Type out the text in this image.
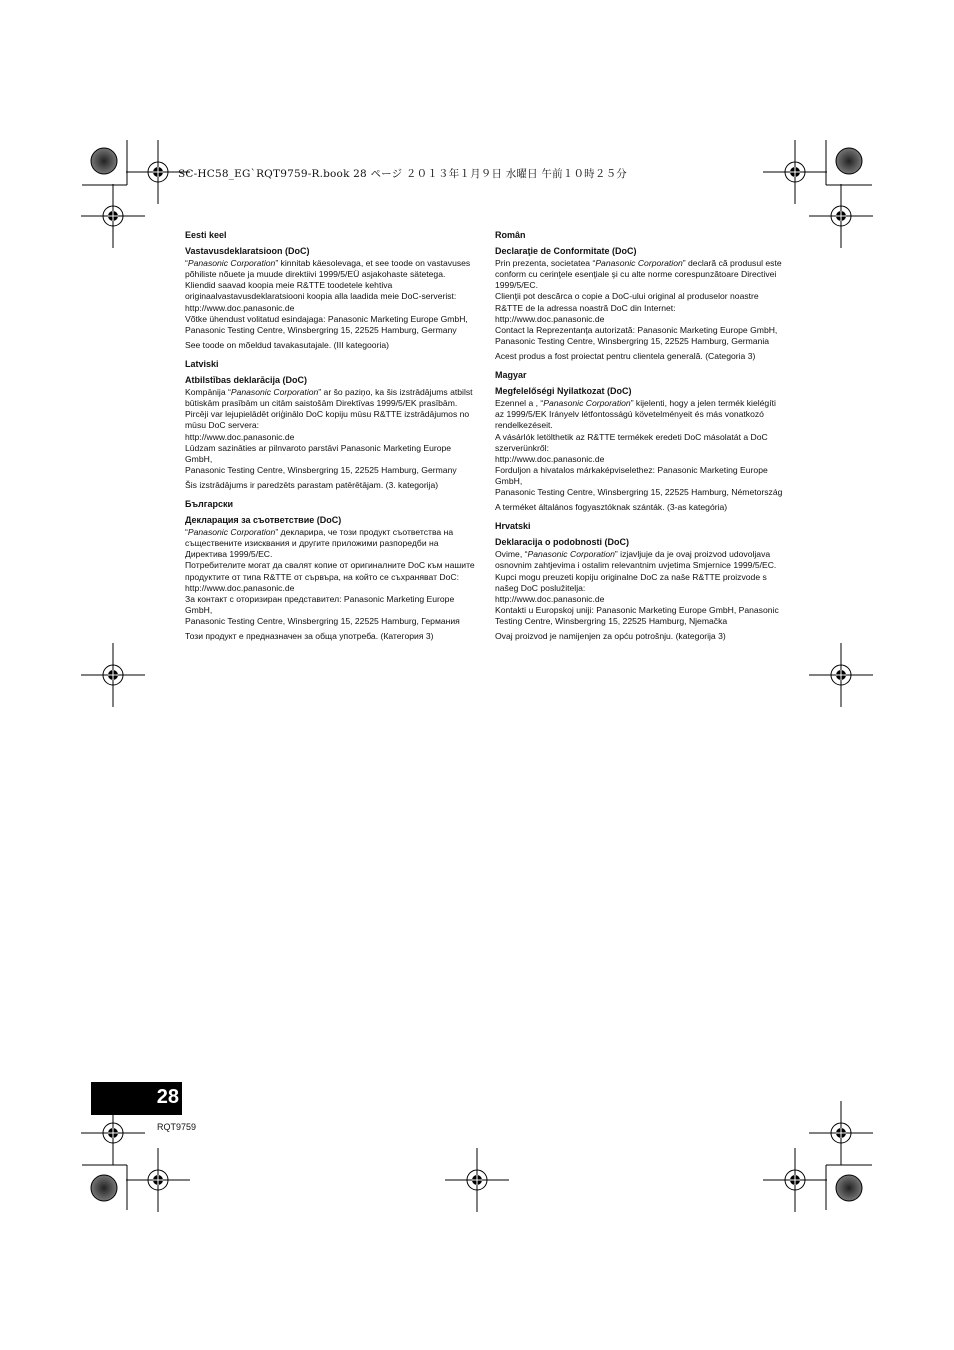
SC-HC58_EG`RQT9759-R.book 28 ページ ２０１３年１月９日 水曜日 午前１０時２５分
Eesti keel
Vastavusdeklaratsioon (DoC)

“Panasonic Corporation” kinnitab käesolevaga, et see toode on vastavuses põhiliste nõuete ja muude direktiivi 1999/5/EÜ asjakohaste sätetega.

Kliendid saavad koopia meie R&TTE toodetele kehtiva originaalvastavusdeklaratsiooni koopia alla laadida meie DoC-serverist:

http://www.doc.panasonic.de

Võtke ühendust volitatud esindajaga: Panasonic Marketing Europe GmbH,

Panasonic Testing Centre, Winsbergring 15, 22525 Hamburg, Germany

See toode on mõeldud tavakasutajale. (III kategooria)

Latviski
Atbilstības deklarācija (DoC)

Kompānija “Panasonic Corporation” ar šo paziņo, ka šis izstrādājums atbilst būtiskām prasībām un citām saistošām Direktīvas 1999/5/EK prasībām.

Pircēji var lejupielādēt oriģinālo DoC kopiju mūsu R&TTE izstrādājumos no mūsu DoC servera:

http://www.doc.panasonic.de

Lūdzam sazināties ar pilnvaroto parstāvi Panasonic Marketing Europe GmbH,

Panasonic Testing Centre, Winsbergring 15, 22525 Hamburg, Germany

Šis izstrādājums ir paredzēts parastam patērētājam. (3. kategorija)

Български
Декларация за съответствие (DoC)

“Panasonic Corporation” декларира, че този продукт съответства на съществените изисквания и другите приложими разпоредби на Директива 1999/5/EC.

Потребителите могат да свалят копие от оригиналните DoC към нашите продуктите от типа R&TTE от сървъра, на който се съхраняват DoC:

http://www.doc.panasonic.de

За контакт с оторизиран представител: Panasonic Marketing Europe GmbH,

Panasonic Testing Centre, Winsbergring 15, 22525 Hamburg, Германия

Този продукт е предназначен за обща употреба. (Категория 3)

Român
Declaraţie de Conformitate (DoC)

Prin prezenta, societatea “Panasonic Corporation” declară că produsul este conform cu cerinţele esenţiale şi cu alte norme corespunzătoare Directivei 1999/5/EC.

Clienţii pot descărca o copie a DoC-ului original al produselor noastre R&TTE de la adressa noastră DoC din Internet:

http://www.doc.panasonic.de

Contact la Reprezentanţa autorizată: Panasonic Marketing Europe GmbH,

Panasonic Testing Centre, Winsbergring 15, 22525 Hamburg, Germania

Acest produs a fost proiectat pentru clientela generală. (Categoria 3)

Magyar
Megfelelőségi Nyilatkozat (DoC)

Ezennel a , “Panasonic Corporation” kijelenti, hogy a jelen termék kielégíti az 1999/5/EK Irányelv létfontosságú követelményeit és más vonatkozó rendelkezéseit.

A vásárlók letölthetik az R&TTE termékek eredeti DoC másolatát a DoC szerverünkről:

http://www.doc.panasonic.de

Forduljon a hivatalos márkaképviselethez: Panasonic Marketing Europe GmbH,

Panasonic Testing Centre, Winsbergring 15, 22525 Hamburg, Németország

A terméket általános fogyasztóknak szánták. (3-as kategória)

Hrvatski
Deklaracija o podobnosti (DoC)

Ovime, “Panasonic Corporation” izjavljuje da je ovaj proizvod udovoljava osnovnim zahtjevima i ostalim relevantnim uvjetima Smjernice 1999/5/EC.

Kupci mogu preuzeti kopiju originalne DoC za naše R&TTE proizvode s našeg DoC poslužitelja:

http://www.doc.panasonic.de

Kontakti u Europskoj uniji: Panasonic Marketing Europe GmbH, Panasonic Testing Centre, Winsbergring 15, 22525 Hamburg, Njemačka

Ovaj proizvod je namijenjen za opću potrošnju. (kategorija 3)

28
RQT9759
